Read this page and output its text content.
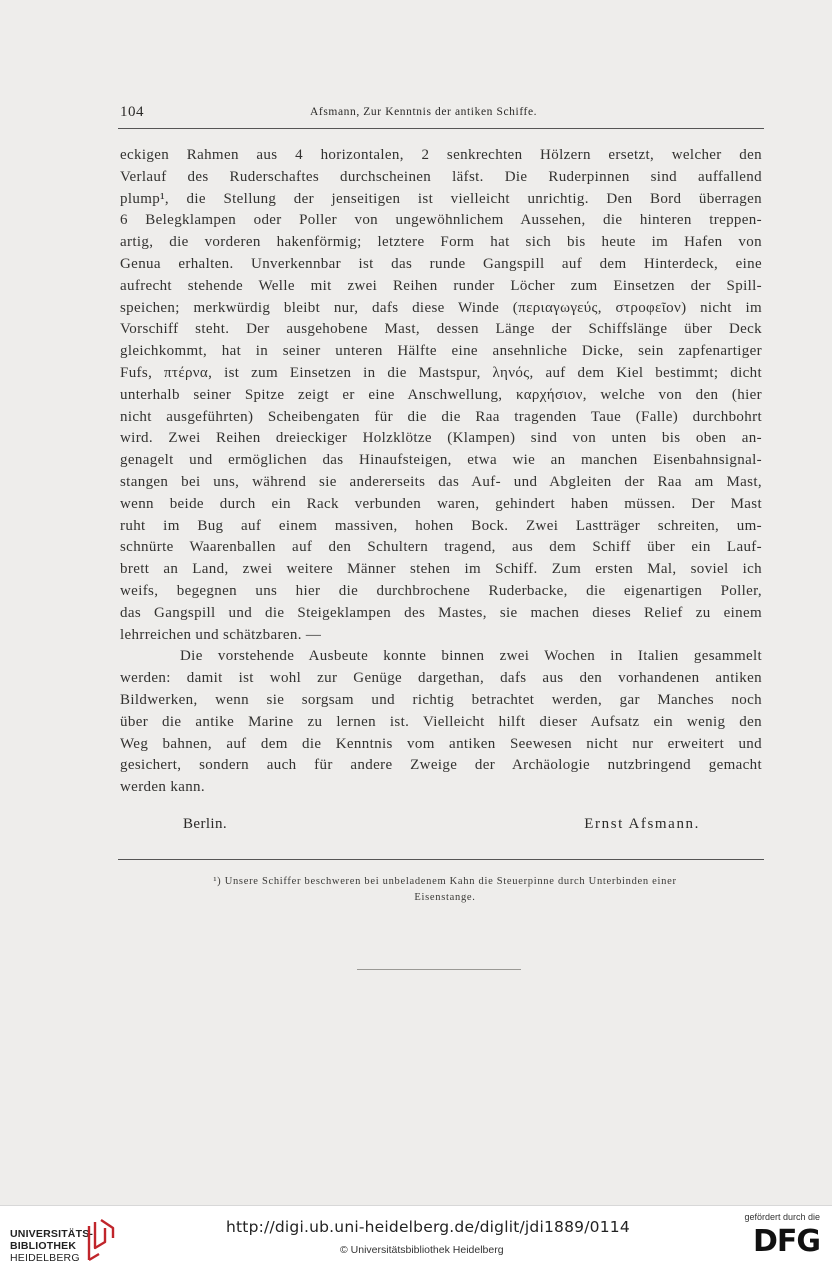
104	Afsmann, Zur Kenntnis der antiken Schiffe.
eckigen Rahmen aus 4 horizontalen, 2 senkrechten Hölzern ersetzt, welcher den
Verlauf des Ruderschaftes durchscheinen läfst. Die Ruderpinnen sind auffallend
plump¹, die Stellung der jenseitigen ist vielleicht unrichtig. Den Bord überragen
6 Belegklampen oder Poller von ungewöhnlichem Aussehen, die hinteren treppen-
artig, die vorderen hakenförmig; letztere Form hat sich bis heute im Hafen von
Genua erhalten. Unverkennbar ist das runde Gangspill auf dem Hinterdeck, eine
aufrecht stehende Welle mit zwei Reihen runder Löcher zum Einsetzen der Spill-
speichen; merkwürdig bleibt nur, dafs diese Winde (περιαγωγεύς, στροφεῖον) nicht im
Vorschiff steht. Der ausgehobene Mast, dessen Länge der Schiffslänge über Deck
gleichkommt, hat in seiner unteren Hälfte eine ansehnliche Dicke, sein zapfenartiger
Fufs, πτέρνα, ist zum Einsetzen in die Mastspur, ληνός, auf dem Kiel bestimmt; dicht
unterhalb seiner Spitze zeigt er eine Anschwellung, καρχήσιον, welche von den (hier
nicht ausgeführten) Scheibengaten für die die Raa tragenden Taue (Falle) durchbohrt
wird. Zwei Reihen dreieckiger Holzklötze (Klampen) sind von unten bis oben an-
genagelt und ermöglichen das Hinaufsteigen, etwa wie an manchen Eisenbahnsignal-
stangen bei uns, während sie andererseits das Auf- und Abgleiten der Raa am Mast,
wenn beide durch ein Rack verbunden waren, gehindert haben müssen. Der Mast
ruht im Bug auf einem massiven, hohen Bock. Zwei Lastträger schreiten, um-
schnürte Waarenballen auf den Schultern tragend, aus dem Schiff über ein Lauf-
brett an Land, zwei weitere Männer stehen im Schiff. Zum ersten Mal, soviel ich
weifs, begegnen uns hier die durchbrochene Ruderbacke, die eigenartigen Poller,
das Gangspill und die Steigeklampen des Mastes, sie machen dieses Relief zu einem
lehrreichen und schätzbaren. —
Die vorstehende Ausbeute konnte binnen zwei Wochen in Italien gesammelt
werden: damit ist wohl zur Genüge dargethan, dafs aus den vorhandenen antiken
Bildwerken, wenn sie sorgsam und richtig betrachtet werden, gar Manches noch
über die antike Marine zu lernen ist. Vielleicht hilft dieser Aufsatz ein wenig den
Weg bahnen, auf dem die Kenntnis vom antiken Seewesen nicht nur erweitert und
gesichert, sondern auch für andere Zweige der Archäologie nutzbringend gemacht
werden kann.
Berlin.	Ernst Afsmann.
¹) Unsere Schiffer beschweren bei unbeladenem Kahn die Steuerpinne durch Unterbinden einer
Eisenstange.
UNIVERSITÄTS-
BIBLIOTHEK
HEIDELBERG
http://digi.ub.uni-heidelberg.de/diglit/jdi1889/0114
© Universitätsbibliothek Heidelberg
gefördert durch die
DFG
